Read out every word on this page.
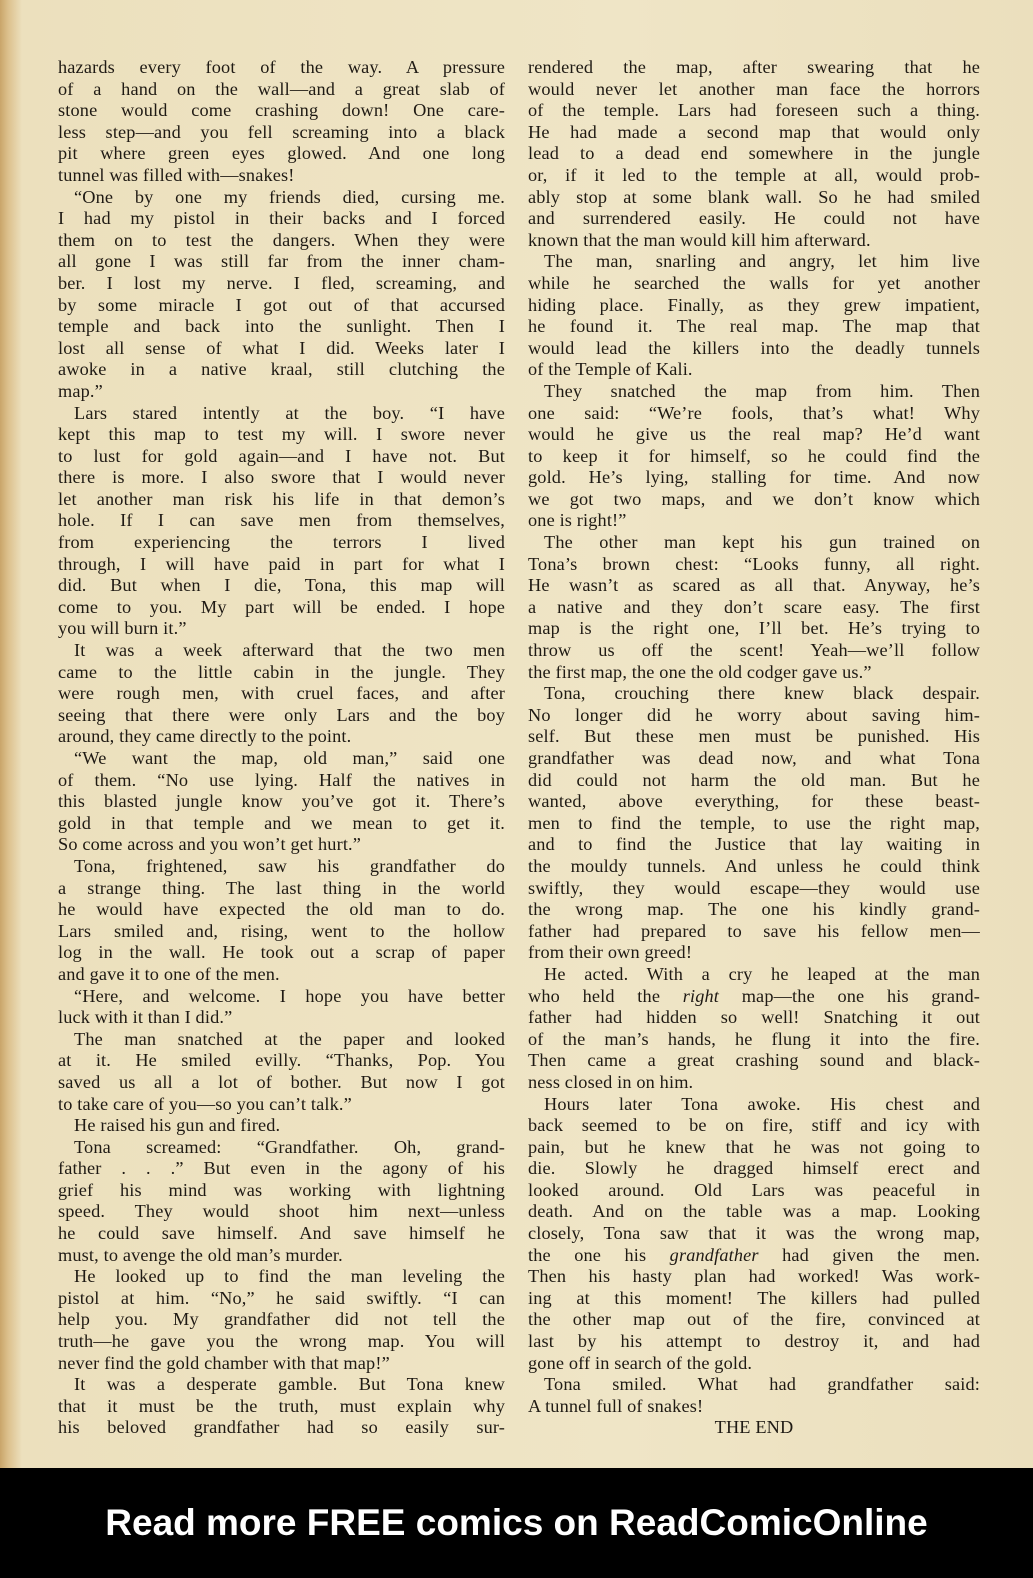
hazards every foot of the way. A pressure
of a hand on the wall—and a great slab of
stone would come crashing down! One care-
less step—and you fell screaming into a black
pit where green eyes glowed. And one long
tunnel was filled with—snakes!
“One by one my friends died, cursing me.
I had my pistol in their backs and I forced
them on to test the dangers. When they were
all gone I was still far from the inner cham-
ber. I lost my nerve. I fled, screaming, and
by some miracle I got out of that accursed
temple and back into the sunlight. Then I
lost all sense of what I did. Weeks later I
awoke in a native kraal, still clutching the
map.”
Lars stared intently at the boy. “I have
kept this map to test my will. I swore never
to lust for gold again—and I have not. But
there is more. I also swore that I would never
let another man risk his life in that demon’s
hole. If I can save men from themselves,
from experiencing the terrors I lived
through, I will have paid in part for what I
did. But when I die, Tona, this map will
come to you. My part will be ended. I hope
you will burn it.”
It was a week afterward that the two men
came to the little cabin in the jungle. They
were rough men, with cruel faces, and after
seeing that there were only Lars and the boy
around, they came directly to the point.
“We want the map, old man,” said one
of them. “No use lying. Half the natives in
this blasted jungle know you’ve got it. There’s
gold in that temple and we mean to get it.
So come across and you won’t get hurt.”
Tona, frightened, saw his grandfather do
a strange thing. The last thing in the world
he would have expected the old man to do.
Lars smiled and, rising, went to the hollow
log in the wall. He took out a scrap of paper
and gave it to one of the men.
“Here, and welcome. I hope you have better
luck with it than I did.”
The man snatched at the paper and looked
at it. He smiled evilly. “Thanks, Pop. You
saved us all a lot of bother. But now I got
to take care of you—so you can’t talk.”
He raised his gun and fired.
Tona screamed: “Grandfather. Oh, grand-
father . . .” But even in the agony of his
grief his mind was working with lightning
speed. They would shoot him next—unless
he could save himself. And save himself he
must, to avenge the old man’s murder.
He looked up to find the man leveling the
pistol at him. “No,” he said swiftly. “I can
help you. My grandfather did not tell the
truth—he gave you the wrong map. You will
never find the gold chamber with that map!”
It was a desperate gamble. But Tona knew
that it must be the truth, must explain why
his beloved grandfather had so easily sur-
rendered the map, after swearing that he
would never let another man face the horrors
of the temple. Lars had foreseen such a thing.
He had made a second map that would only
lead to a dead end somewhere in the jungle
or, if it led to the temple at all, would prob-
ably stop at some blank wall. So he had smiled
and surrendered easily. He could not have
known that the man would kill him afterward.
The man, snarling and angry, let him live
while he searched the walls for yet another
hiding place. Finally, as they grew impatient,
he found it. The real map. The map that
would lead the killers into the deadly tunnels
of the Temple of Kali.
They snatched the map from him. Then
one said: “We’re fools, that’s what! Why
would he give us the real map? He’d want
to keep it for himself, so he could find the
gold. He’s lying, stalling for time. And now
we got two maps, and we don’t know which
one is right!”
The other man kept his gun trained on
Tona’s brown chest: “Looks funny, all right.
He wasn’t as scared as all that. Anyway, he’s
a native and they don’t scare easy. The first
map is the right one, I’ll bet. He’s trying to
throw us off the scent! Yeah—we’ll follow
the first map, the one the old codger gave us.”
Tona, crouching there knew black despair.
No longer did he worry about saving him-
self. But these men must be punished. His
grandfather was dead now, and what Tona
did could not harm the old man. But he
wanted, above everything, for these beast-
men to find the temple, to use the right map,
and to find the Justice that lay waiting in
the mouldy tunnels. And unless he could think
swiftly, they would escape—they would use
the wrong map. The one his kindly grand-
father had prepared to save his fellow men—
from their own greed!
He acted. With a cry he leaped at the man
who held the right map—the one his grand-
father had hidden so well! Snatching it out
of the man’s hands, he flung it into the fire.
Then came a great crashing sound and black-
ness closed in on him.
Hours later Tona awoke. His chest and
back seemed to be on fire, stiff and icy with
pain, but he knew that he was not going to
die. Slowly he dragged himself erect and
looked around. Old Lars was peaceful in
death. And on the table was a map. Looking
closely, Tona saw that it was the wrong map,
the one his grandfather had given the men.
Then his hasty plan had worked! Was work-
ing at this moment! The killers had pulled
the other map out of the fire, convinced at
last by his attempt to destroy it, and had
gone off in search of the gold.
Tona smiled. What had grandfather said:
A tunnel full of snakes!
THE END
Read more FREE comics on ReadComicOnline
